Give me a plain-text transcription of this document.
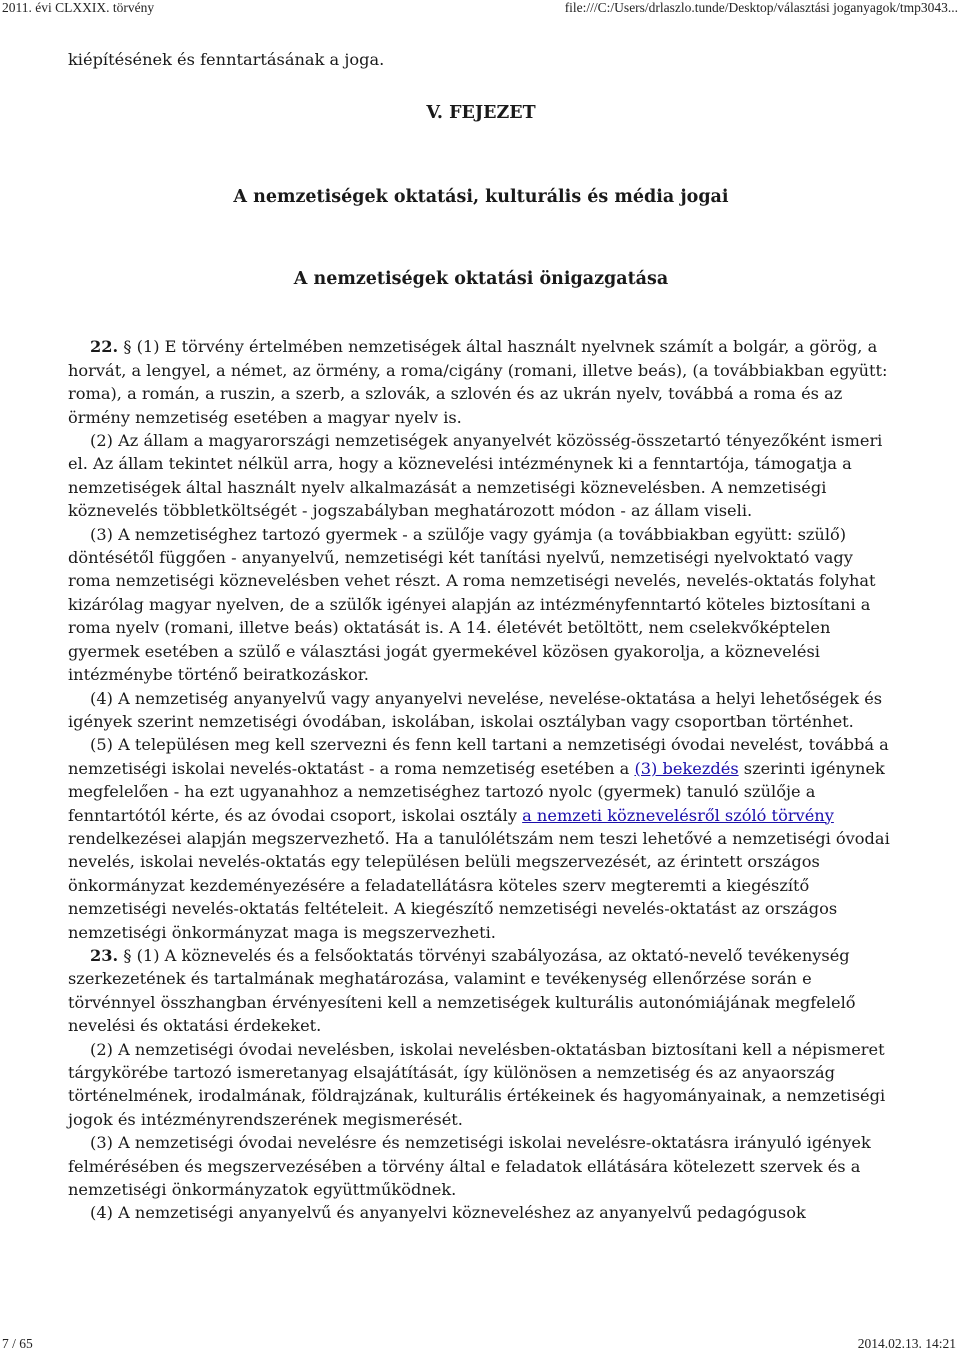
2011. évi CLXXIX. törvény	file:///C:/Users/drlaszlo.tunde/Desktop/választási joganyagok/tmp3043...

kiépítésének és fenntartásának a joga.

V. FEJEZET

A nemzetiségek oktatási, kulturális és média jogai

A nemzetiségek oktatási önigazgatása

22. § (1) E törvény értelmében nemzetiségek által használt nyelvnek számít a bolgár, a görög, a horvát, a lengyel, a német, az örmény, a roma/cigány (romani, illetve beás), (a továbbiakban együtt: roma), a román, a ruszin, a szerb, a szlovák, a szlovén és az ukrán nyelv, továbbá a roma és az örmény nemzetiség esetében a magyar nyelv is.

(2) Az állam a magyarországi nemzetiségek anyanyelvét közösség-összetartó tényezőként ismeri el. Az állam tekintet nélkül arra, hogy a köznevelési intézménynek ki a fenntartója, támogatja a nemzetiségek által használt nyelv alkalmazását a nemzetiségi köznevelésben. A nemzetiségi köznevelés többletköltségét - jogszabályban meghatározott módon - az állam viseli.

(3) A nemzetiséghez tartozó gyermek - a szülője vagy gyámja (a továbbiakban együtt: szülő) döntésétől függően - anyanyelvű, nemzetiségi két tanítási nyelvű, nemzetiségi nyelvoktató vagy roma nemzetiségi köznevelésben vehet részt. A roma nemzetiségi nevelés, nevelés-oktatás folyhat kizárólag magyar nyelven, de a szülők igényei alapján az intézményfenntartó köteles biztosítani a roma nyelv (romani, illetve beás) oktatását is. A 14. életévét betöltött, nem cselekvőképtelen gyermek esetében a szülő e választási jogát gyermekével közösen gyakorolja, a köznevelési intézménybe történő beiratkozáskor.

(4) A nemzetiség anyanyelvű vagy anyanyelvi nevelése, nevelése-oktatása a helyi lehetőségek és igények szerint nemzetiségi óvodában, iskolában, iskolai osztályban vagy csoportban történhet.

(5) A településen meg kell szervezni és fenn kell tartani a nemzetiségi óvodai nevelést, továbbá a nemzetiségi iskolai nevelés-oktatást - a roma nemzetiség esetében a (3) bekezdés szerinti igénynek megfelelően - ha ezt ugyanahhoz a nemzetiséghez tartozó nyolc (gyermek) tanuló szülője a fenntartótól kérte, és az óvodai csoport, iskolai osztály a nemzeti köznevelésről szóló törvény rendelkezései alapján megszervezhető. Ha a tanulólétszám nem teszi lehetővé a nemzetiségi óvodai nevelés, iskolai nevelés-oktatás egy településen belüli megszervezését, az érintett országos önkormányzat kezdeményezésére a feladatellátásra köteles szerv megteremti a kiegészítő nemzetiségi nevelés-oktatás feltételeit. A kiegészítő nemzetiségi nevelés-oktatást az országos nemzetiségi önkormányzat maga is megszervezheti.

23. § (1) A köznevelés és a felsőoktatás törvényi szabályozása, az oktató-nevelő tevékenység szerkezetének és tartalmának meghatározása, valamint e tevékenység ellenőrzése során e törvénnyel összhangban érvényesíteni kell a nemzetiségek kulturális autonómiájának megfelelő nevelési és oktatási érdekeket.

(2) A nemzetiségi óvodai nevelésben, iskolai nevelésben-oktatásban biztosítani kell a népismeret tárgykörébe tartozó ismeretanyag elsajátítását, így különösen a nemzetiség és az anyaország történelmének, irodalmának, földrajzának, kulturális értékeinek és hagyományainak, a nemzetiségi jogok és intézményrendszerének megismerését.

(3) A nemzetiségi óvodai nevelésre és nemzetiségi iskolai nevelésre-oktatásra irányuló igények felmérésében és megszervezésében a törvény által e feladatok ellátására kötelezett szervek és a nemzetiségi önkormányzatok együttműködnek.

(4) A nemzetiségi anyanyelvű és anyanyelvi közneveléshez az anyanyelvű pedagógusok

7 / 65	2014.02.13. 14:21
